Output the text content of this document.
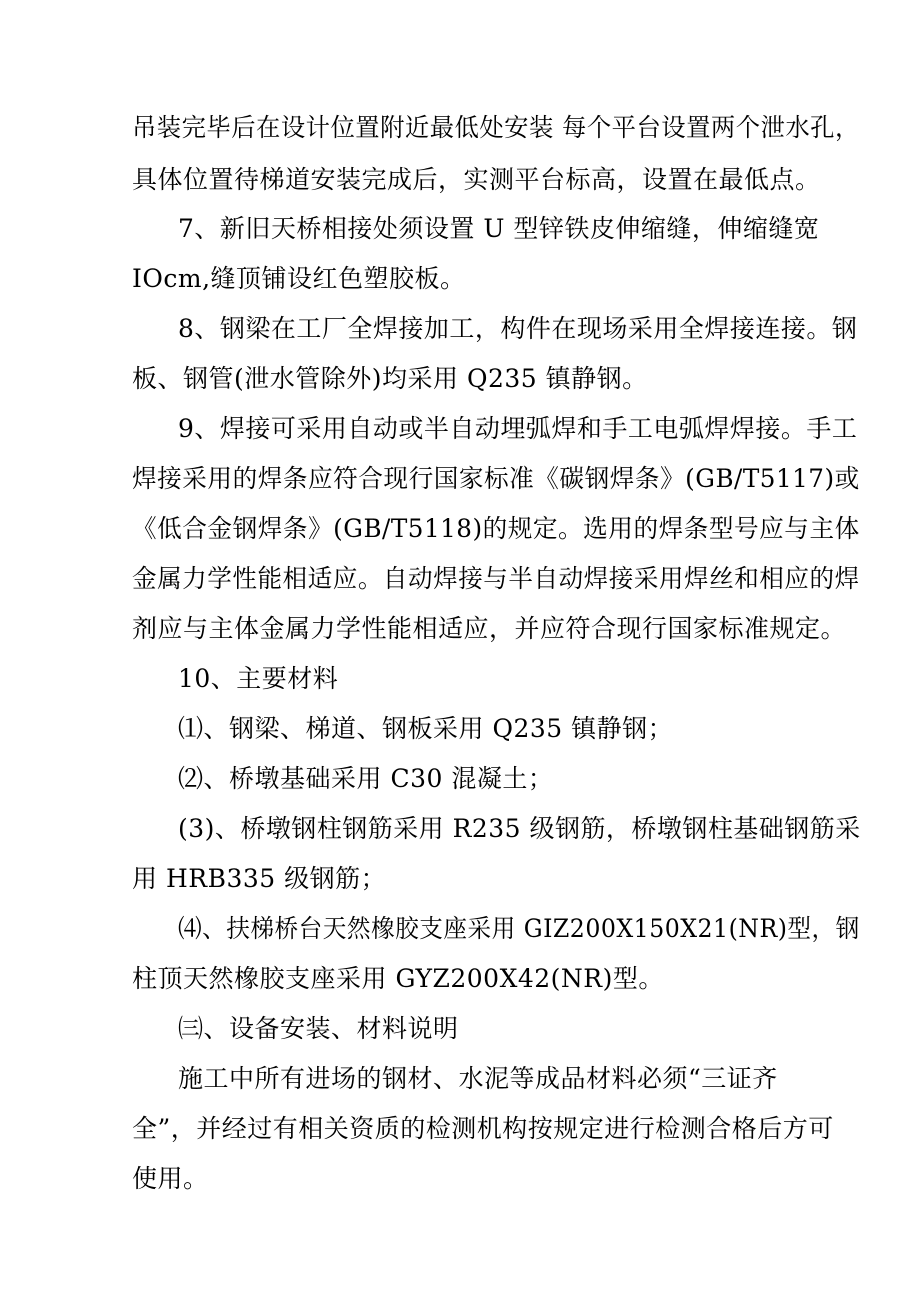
吊装完毕后在设计位置附近最低处安装 每个平台设置两个泄水孔，
具体位置待梯道安装完成后，实测平台标高，设置在最低点。
7、新旧天桥相接处须设置 U 型锌铁皮伸缩缝，伸缩缝宽
IOcm,缝顶铺设红色塑胶板。
8、钢梁在工厂全焊接加工，构件在现场采用全焊接连接。钢
板、钢管(泄水管除外)均采用 Q235 镇静钢。
9、焊接可采用自动或半自动埋弧焊和手工电弧焊焊接。手工
焊接采用的焊条应符合现行国家标准《碳钢焊条》(GB/T5117)或
《低合金钢焊条》(GB/T5118)的规定。选用的焊条型号应与主体
金属力学性能相适应。自动焊接与半自动焊接采用焊丝和相应的焊
剂应与主体金属力学性能相适应，并应符合现行国家标准规定。
10、主要材料
⑴、钢梁、梯道、钢板采用 Q235 镇静钢；
⑵、桥墩基础采用 C30 混凝土；
(3)、桥墩钢柱钢筋采用 R235 级钢筋，桥墩钢柱基础钢筋采
用 HRB335 级钢筋；
⑷、扶梯桥台天然橡胶支座采用 GIZ200X150X21(NR)型，钢
柱顶天然橡胶支座采用 GYZ200X42(NR)型。
㈢、设备安装、材料说明
施工中所有进场的钢材、水泥等成品材料必须“三证齐
全”，并经过有相关资质的检测机构按规定进行检测合格后方可
使用。
